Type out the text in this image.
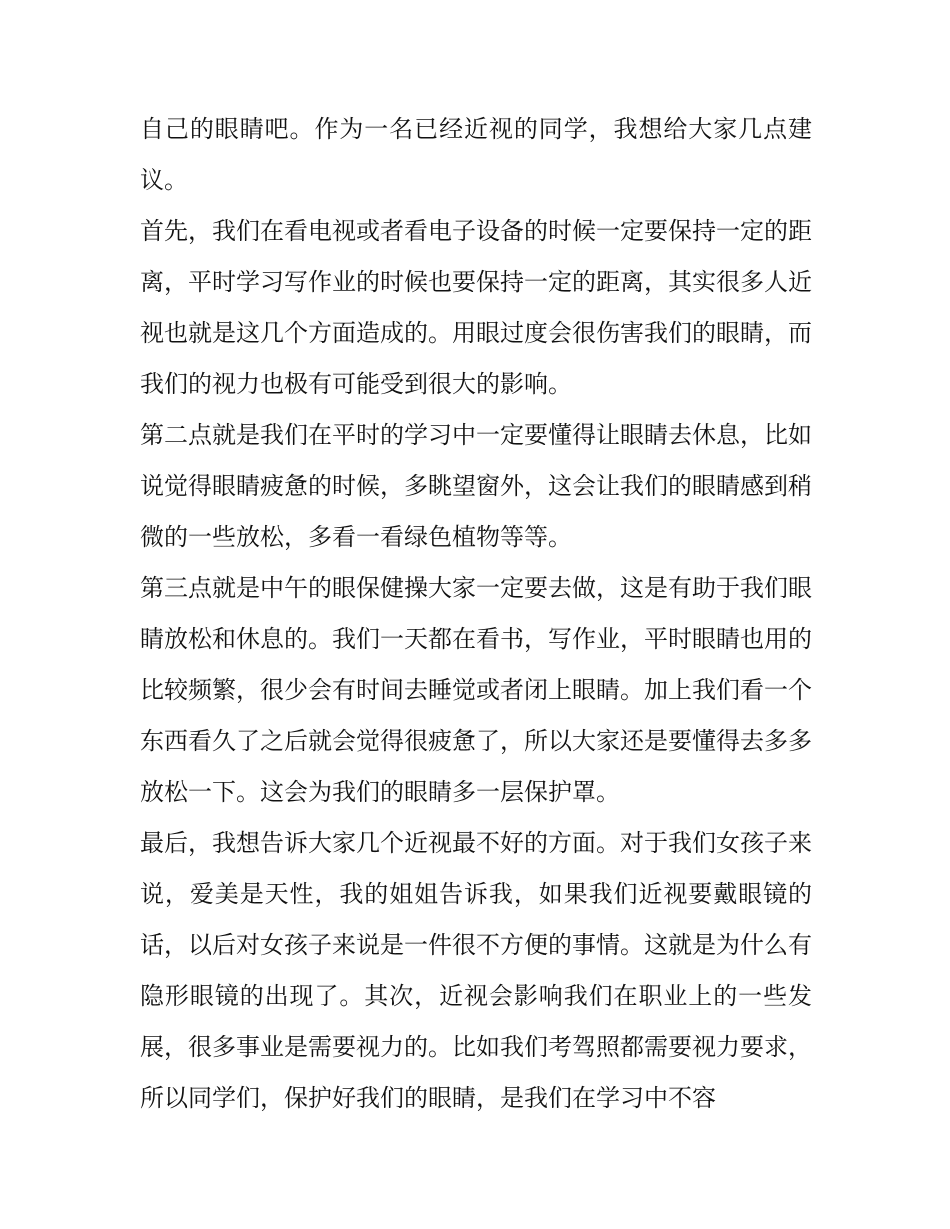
自己的眼睛吧。作为一名已经近视的同学，我想给大家几点建议。

首先，我们在看电视或者看电子设备的时候一定要保持一定的距离，平时学习写作业的时候也要保持一定的距离，其实很多人近视也就是这几个方面造成的。用眼过度会很伤害我们的眼睛，而我们的视力也极有可能受到很大的影响。

第二点就是我们在平时的学习中一定要懂得让眼睛去休息，比如说觉得眼睛疲惫的时候，多眺望窗外，这会让我们的眼睛感到稍微的一些放松，多看一看绿色植物等等。

第三点就是中午的眼保健操大家一定要去做，这是有助于我们眼睛放松和休息的。我们一天都在看书，写作业，平时眼睛也用的比较频繁，很少会有时间去睡觉或者闭上眼睛。加上我们看一个东西看久了之后就会觉得很疲惫了，所以大家还是要懂得去多多放松一下。这会为我们的眼睛多一层保护罩。

最后，我想告诉大家几个近视最不好的方面。对于我们女孩子来说，爱美是天性，我的姐姐告诉我，如果我们近视要戴眼镜的话，以后对女孩子来说是一件很不方便的事情。这就是为什么有隐形眼镜的出现了。其次，近视会影响我们在职业上的一些发展，很多事业是需要视力的。比如我们考驾照都需要视力要求，所以同学们，保护好我们的眼睛，是我们在学习中不容
